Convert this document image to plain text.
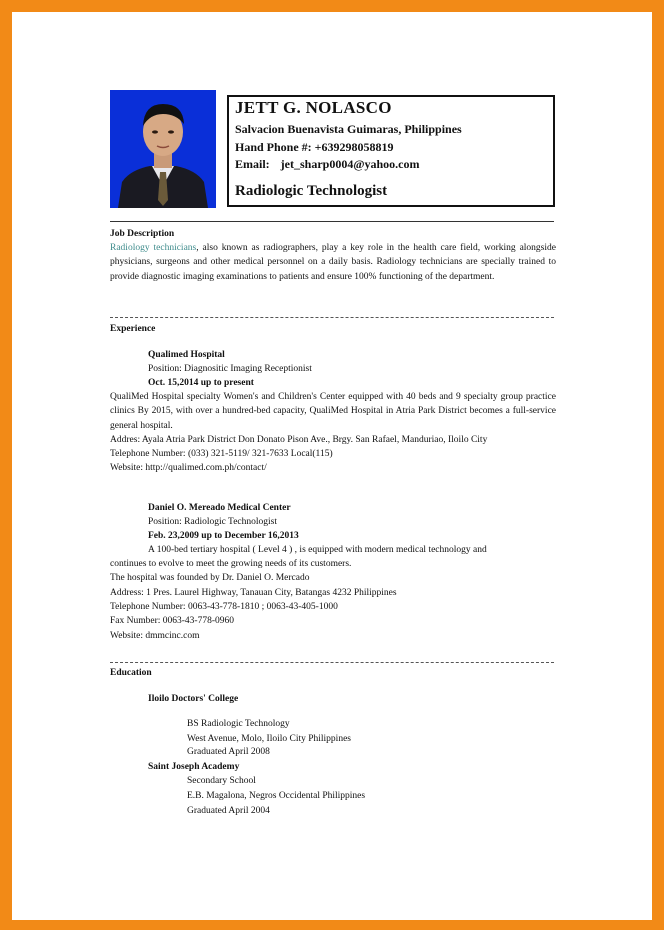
JETT G. NOLASCO
Salvacion Buenavista Guimaras, Philippines
Hand Phone #: +639298058819
Email: jet_sharp0004@yahoo.com
Radiologic Technologist
Job Description
Radiology technicians, also known as radiographers, play a key role in the health care field, working alongside physicians, surgeons and other medical personnel on a daily basis. Radiology technicians are specially trained to provide diagnostic imaging examinations to patients and ensure 100% functioning of the department.
Experience
Qualimed Hospital
Position: Diagnositic Imaging Receptionist
Oct. 15,2014 up to present
QualiMed Hospital specialty Women's and Children's Center equipped with 40 beds and 9 specialty group practice clinics By 2015, with over a hundred-bed capacity, QualiMed Hospital in Atria Park District becomes a full-service general hospital.
Addres: Ayala Atria Park District Don Donato Pison Ave., Brgy. San Rafael, Manduriao, Iloilo City
Telephone Number: (033) 321-5119/ 321-7633 Local(115)
Website: http://qualimed.com.ph/contact/
Daniel O. Mereado Medical Center
Position: Radiologic Technologist
Feb. 23,2009 up to December 16,2013
A 100-bed tertiary hospital ( Level 4 ) , is equipped with modern medical technology and
continues to evolve to meet the growing needs of its customers.
The hospital was founded by Dr. Daniel O. Mercado
Address: 1 Pres. Laurel Highway, Tanauan City, Batangas 4232 Philippines
Telephone Number: 0063-43-778-1810 ; 0063-43-405-1000
Fax Number: 0063-43-778-0960
Website: dmmcinc.com
Education
Iloilo Doctors' College
BS Radiologic Technology
West Avenue, Molo, Iloilo City Philippines
Graduated April 2008
Saint Joseph Academy
Secondary School
E.B. Magalona, Negros Occidental Philippines
Graduated April 2004
